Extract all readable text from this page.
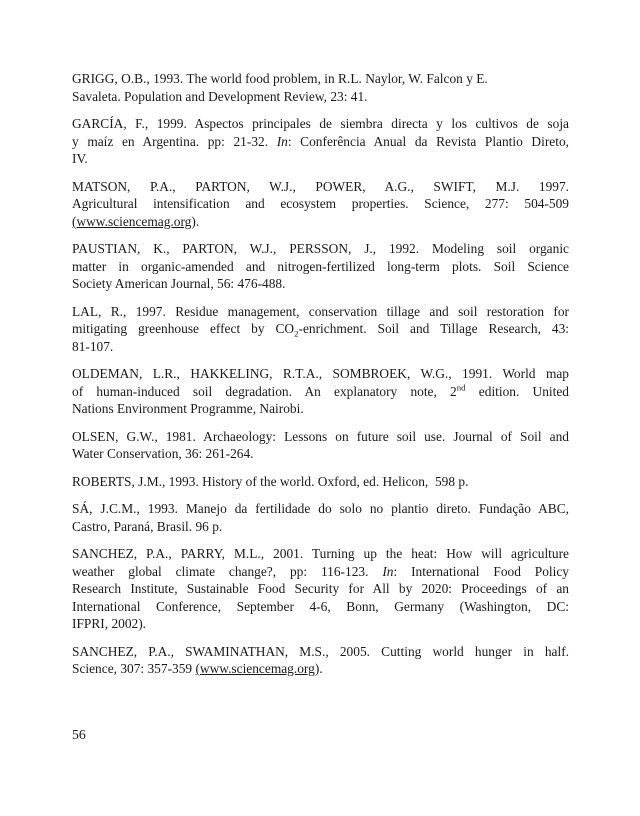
GRIGG, O.B., 1993. The world food problem, in R.L. Naylor, W. Falcon y E.
Savaleta. Population and Development Review, 23: 41.

GARCÍA, F., 1999. Aspectos principales de siembra directa y los cultivos de soja
y maíz en Argentina. pp: 21-32. In: Conferência Anual da Revista Plantio Direto,
IV.

MATSON, P.A., PARTON, W.J., POWER, A.G., SWIFT, M.J. 1997.
Agricultural intensification and ecosystem properties. Science, 277: 504-509
(www.sciencemag.org).

PAUSTIAN, K., PARTON, W.J., PERSSON, J., 1992. Modeling soil organic
matter in organic-amended and nitrogen-fertilized long-term plots. Soil Science
Society American Journal, 56: 476-488.

LAL, R., 1997. Residue management, conservation tillage and soil restoration for
mitigating greenhouse effect by $CO_2$-enrichment. Soil and Tillage Research, 43:
81-107.

OLDEMAN, L.R., HAKKELING, R.T.A., SOMBROEK, W.G., 1991. World map
of human-induced soil degradation. An explanatory note, 2nd edition. United
Nations Environment Programme, Nairobi.

OLSEN, G.W., 1981. Archaeology: Lessons on future soil use. Journal of Soil and
Water Conservation, 36: 261-264.

ROBERTS, J.M., 1993. History of the world. Oxford, ed. Helicon,  598 p.

SÁ, J.C.M., 1993. Manejo da fertilidade do solo no plantio direto. Fundação ABC,
Castro, Paraná, Brasil. 96 p.

SANCHEZ, P.A., PARRY, M.L., 2001. Turning up the heat: How will agriculture
weather global climate change?, pp: 116-123. In: International Food Policy
Research Institute, Sustainable Food Security for All by 2020: Proceedings of an
International Conference, September 4-6, Bonn, Germany (Washington, DC:
IFPRI, 2002).

SANCHEZ, P.A., SWAMINATHAN, M.S., 2005. Cutting world hunger in half.
Science, 307: 357-359 (www.sciencemag.org).

56
